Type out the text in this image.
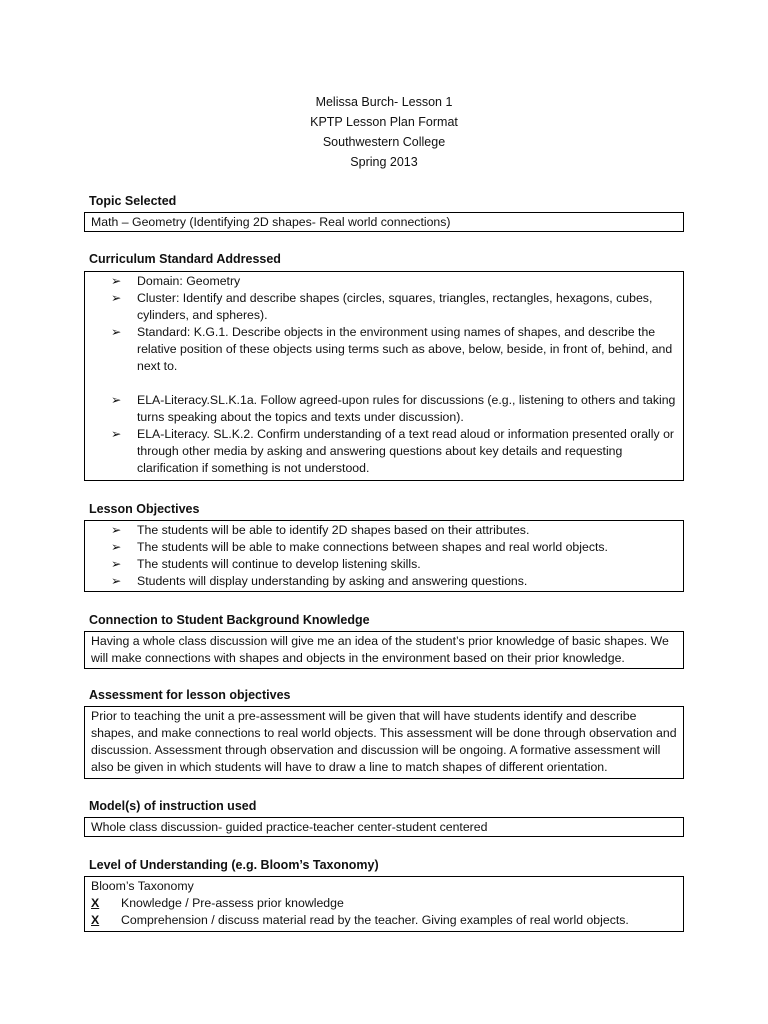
Melissa Burch- Lesson 1
KPTP Lesson Plan Format
Southwestern College
Spring 2013
Topic Selected

Math – Geometry (Identifying 2D shapes- Real world connections)

Curriculum Standard Addressed
➢ Domain: Geometry
➢ Cluster: Identify and describe shapes (circles, squares, triangles, rectangles, hexagons, cubes, cylinders, and spheres).
➢ Standard: K.G.1. Describe objects in the environment using names of shapes, and describe the relative position of these objects using terms such as above, below, beside, in front of, behind, and next to.
➢ ELA-Literacy.SL.K.1a. Follow agreed-upon rules for discussions (e.g., listening to others and taking turns speaking about the topics and texts under discussion).
➢ ELA-Literacy. SL.K.2. Confirm understanding of a text read aloud or information presented orally or through other media by asking and answering questions about key details and requesting clarification if something is not understood.
Lesson Objectives
➢ The students will be able to identify 2D shapes based on their attributes.
➢ The students will be able to make connections between shapes and real world objects.
➢ The students will continue to develop listening skills.
➢ Students will display understanding by asking and answering questions.
Connection to Student Background Knowledge

Having a whole class discussion will give me an idea of the student’s prior knowledge of basic shapes. We will make connections with shapes and objects in the environment based on their prior knowledge.

Assessment for lesson objectives

Prior to teaching the unit a pre-assessment will be given that will have students identify and describe shapes, and make connections to real world objects. This assessment will be done through observation and discussion. Assessment through observation and discussion will be ongoing. A formative assessment will also be given in which students will have to draw a line to match shapes of different orientation.

Model(s) of instruction used

Whole class discussion- guided practice-teacher center-student centered

Level of Understanding (e.g. Bloom’s Taxonomy)

Bloom’s Taxonomy

X Knowledge / Pre-assess prior knowledge

X Comprehension / discuss material read by the teacher. Giving examples of real world objects.
